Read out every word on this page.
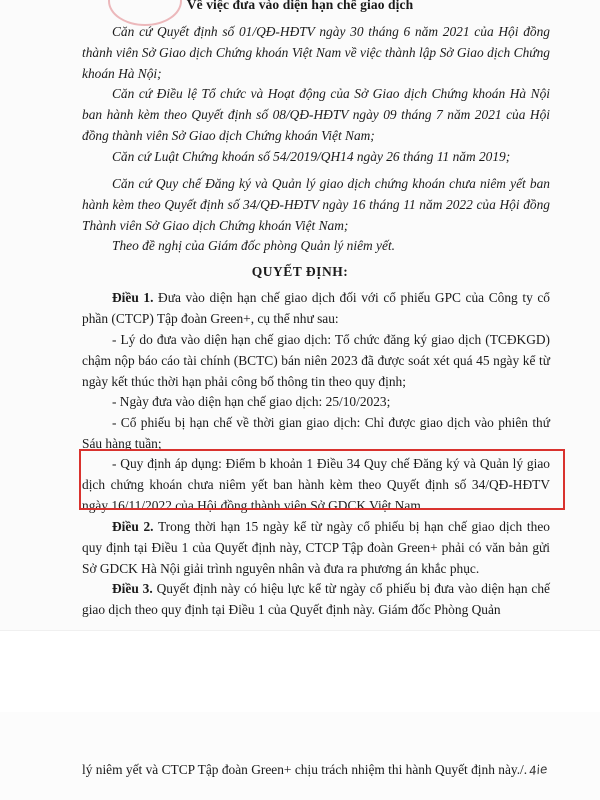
Về việc đưa vào diện hạn chế giao dịch

Căn cứ Quyết định số 01/QĐ-HĐTV ngày 30 tháng 6 năm 2021 của Hội đồng thành viên Sở Giao dịch Chứng khoán Việt Nam về việc thành lập Sở Giao dịch Chứng khoán Hà Nội;

Căn cứ Điều lệ Tổ chức và Hoạt động của Sở Giao dịch Chứng khoán Hà Nội ban hành kèm theo Quyết định số 08/QĐ-HĐTV ngày 09 tháng 7 năm 2021 của Hội đồng thành viên Sở Giao dịch Chứng khoán Việt Nam;

Căn cứ Luật Chứng khoán số 54/2019/QH14 ngày 26 tháng 11 năm 2019;

Căn cứ Quy chế Đăng ký và Quản lý giao dịch chứng khoán chưa niêm yết ban hành kèm theo Quyết định số 34/QĐ-HĐTV ngày 16 tháng 11 năm 2022 của Hội đồng Thành viên Sở Giao dịch Chứng khoán Việt Nam;

Theo đề nghị của Giám đốc phòng Quản lý niêm yết.

QUYẾT ĐỊNH:

Điều 1. Đưa vào diện hạn chế giao dịch đối với cổ phiếu GPC của Công ty cổ phần (CTCP) Tập đoàn Green+, cụ thể như sau:

- Lý do đưa vào diện hạn chế giao dịch: Tổ chức đăng ký giao dịch (TCĐKGD) chậm nộp báo cáo tài chính (BCTC) bán niên 2023 đã được soát xét quá 45 ngày kể từ ngày kết thúc thời hạn phải công bố thông tin theo quy định;

- Ngày đưa vào diện hạn chế giao dịch: 25/10/2023;

- Cổ phiếu bị hạn chế về thời gian giao dịch: Chỉ được giao dịch vào phiên thứ Sáu hàng tuần;

- Quy định áp dụng: Điểm b khoản 1 Điều 34 Quy chế Đăng ký và Quản lý giao dịch chứng khoán chưa niêm yết ban hành kèm theo Quyết định số 34/QĐ-HĐTV ngày 16/11/2022 của Hội đồng thành viên Sở GDCK Việt Nam.

Điều 2. Trong thời hạn 15 ngày kể từ ngày cổ phiếu bị hạn chế giao dịch theo quy định tại Điều 1 của Quyết định này, CTCP Tập đoàn Green+ phải có văn bản gửi Sở GDCK Hà Nội giải trình nguyên nhân và đưa ra phương án khắc phục.

Điều 3. Quyết định này có hiệu lực kể từ ngày cổ phiếu bị đưa vào diện hạn chế giao dịch theo quy định tại Điều 1 của Quyết định này. Giám đốc Phòng Quản

lý niêm yết và CTCP Tập đoàn Green+ chịu trách nhiệm thi hành Quyết định này./.4ie
